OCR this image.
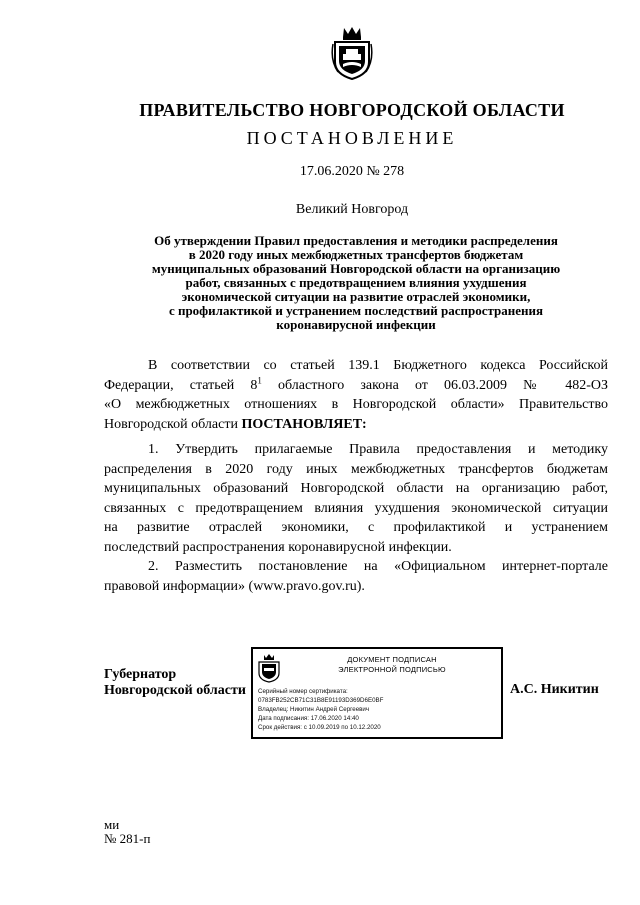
ПРАВИТЕЛЬСТВО НОВГОРОДСКОЙ ОБЛАСТИ
ПОСТАНОВЛЕНИЕ
17.06.2020 № 278
Великий Новгород
Об утверждении Правил предоставления и методики распределения
в 2020 году иных межбюджетных трансфертов бюджетам
муниципальных образований Новгородской области на организацию
работ, связанных с предотвращением влияния ухудшения
экономической ситуации на развитие отраслей экономики,
с профилактикой и устранением последствий распространения
коронавирусной инфекции
В соответствии со статьей 139.1 Бюджетного кодекса Российской
Федерации, статьей $8^1$ областного закона от 06.03.2009 № 482-ОЗ
«О межбюджетных отношениях в Новгородской области» Правительство
Новгородской области ПОСТАНОВЛЯЕТ:
1. Утвердить прилагаемые Правила предоставления и методику
распределения в 2020 году иных межбюджетных трансфертов бюджетам
муниципальных образований Новгородской области на организацию работ,
связанных с предотвращением влияния ухудшения экономической ситуации
на развитие отраслей экономики, с профилактикой и устранением
последствий распространения коронавирусной инфекции.
2. Разместить постановление на «Официальном интернет-портале
правовой информации» (www.pravo.gov.ru).
Губернатор
Новгородской области
ДОКУМЕНТ ПОДПИСАН
ЭЛЕКТРОННОЙ ПОДПИСЬЮ
Серийный номер сертификата:
0783FB252CB71C31B8E91193D369D6E0BF
Владелец: Никитин Андрей Сергеевич
Дата подписания: 17.06.2020 14:40
Срок действия: с 10.09.2019 по 10.12.2020
А.С. Никитин
ми
№ 281-п
